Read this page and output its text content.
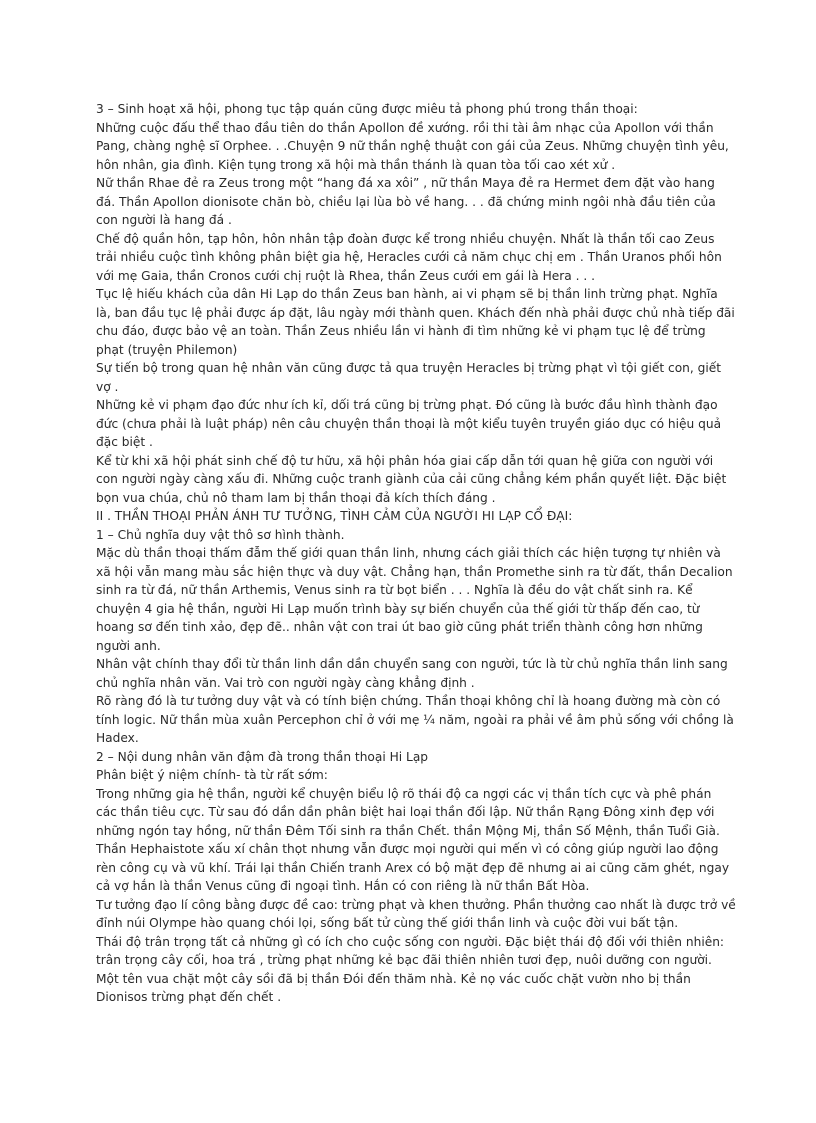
3 – Sinh hoạt xã hội, phong tục tập quán cũng được miêu tả phong phú trong thần thoại:

Những cuộc đấu thể thao đầu tiên do thần Apollon đề xướng. rồi thi tài âm nhạc của Apollon với thần Pang, chàng nghệ sĩ Orphee. . .Chuyện 9 nữ thần nghệ thuật con gái của Zeus. Những chuyện tình yêu, hôn nhân, gia đình. Kiện tụng trong xã hội mà thần thánh là quan tòa tối cao xét xử .

Nữ thần Rhae đẻ ra Zeus trong một “hang đá xa xôi” , nữ thần Maya đẻ ra Hermet đem đặt vào hang đá. Thần Apollon dionisote chăn bò, chiều lại lùa bò về hang. . . đã chứng minh ngôi nhà đầu tiên của con người là hang đá .

Chế độ quần hôn, tạp hôn, hôn nhân tập đoàn được kể trong nhiều chuyện. Nhất là thần tối cao Zeus trải nhiều cuộc tình không phân biệt gia hệ, Heracles cưới cả năm chục chị em . Thần Uranos phối hôn với mẹ Gaia, thần Cronos cưới chị ruột là Rhea, thần Zeus cưới em gái là Hera . . .

Tục lệ hiếu khách của dân Hi Lạp do thần Zeus ban hành, ai vi phạm sẽ bị thần linh trừng phạt. Nghĩa là, ban đầu tục lệ phải được áp đặt, lâu ngày mới thành quen. Khách đến nhà phải được chủ nhà tiếp đãi chu đáo, được bảo vệ an toàn. Thần Zeus nhiều lần vi hành đi tìm những kẻ vi phạm tục lệ để trừng phạt (truyện Philemon)

Sự tiến bộ trong quan hệ nhân văn cũng được tả qua truyện Heracles bị trừng phạt vì tội giết con, giết vợ .

Những kẻ vi phạm đạo đức như ích kỉ, dối trá cũng bị trừng phạt. Đó cũng là bước đầu hình thành đạo đức (chưa phải là luật pháp) nên câu chuyện thần thoại là một kiểu tuyên truyền giáo dục có hiệu quả đặc biệt .

Kể từ khi xã hội phát sinh chế độ tư hữu, xã hội phân hóa giai cấp dẫn tới quan hệ giữa con người với con người ngày càng xấu đi. Những cuộc tranh giành của cải cũng chẳng kém phần quyết liệt. Đặc biệt bọn vua chúa, chủ nô tham lam bị thần thoại đả kích thích đáng .

II . THẦN THOẠI PHẢN ÁNH TƯ TƯỞNG, TÌNH CẢM CỦA NGƯỜI HI LẠP CỔ ĐẠI:

1 – Chủ nghĩa duy vật thô sơ hình thành.

Mặc dù thần thoại thấm đẫm thế giới quan thần linh, nhưng cách giải thích các hiện tượng tự nhiên và xã hội vẫn mang màu sắc hiện thực và duy vật. Chẳng hạn, thần Promethe sinh ra từ đất, thần Decalion sinh ra từ đá, nữ thần Arthemis, Venus sinh ra từ bọt biển . . . Nghĩa là đều do vật chất sinh ra. Kể chuyện 4 gia hệ thần, người Hi Lạp muốn trình bày sự biến chuyển của thế giới từ thấp đến cao, từ hoang sơ đến tinh xảo, đẹp đẽ.. nhân vật con trai út bao giờ cũng phát triển thành công hơn những người anh.

Nhân vật chính thay đổi từ thần linh dần dần chuyển sang con người, tức là từ chủ nghĩa thần linh sang chủ nghĩa nhân văn. Vai trò con người ngày càng khẳng định .

Rõ ràng đó là tư tưởng duy vật và có tính biện chứng. Thần thoại không chỉ là hoang đường mà còn có tính logic. Nữ thần mùa xuân Percephon chỉ ở với mẹ ¼ năm, ngoài ra phải về âm phủ sống với chồng là Hadex.

2 – Nội dung nhân văn đậm đà trong thần thoại Hi Lạp

Phân biệt ý niệm chính- tà từ rất sớm:

Trong những gia hệ thần, người kể chuyện biểu lộ rõ thái độ ca ngợi các vị thần tích cực và phê phán các thần tiêu cực. Từ sau đó dần dần phân biệt hai loại thần đối lập. Nữ thần Rạng Đông xinh đẹp với những ngón tay hồng, nữ thần Đêm Tối sinh ra thần Chết. thần Mộng Mị, thần Số Mệnh, thần Tuổi Già. Thần Hephaistote xấu xí chân thọt nhưng vẫn được mọi người qui mến vì có công giúp người lao động rèn công cụ và vũ khí. Trái lại thần Chiến tranh Arex có bộ mặt đẹp đẽ nhưng ai ai cũng căm ghét, ngay cả vợ hắn là thần Venus cũng đi ngoại tình. Hắn có con riêng là nữ thần Bất Hòa.

Tư tưởng đạo lí công bằng được đề cao: trừng phạt và khen thưởng. Phần thưởng cao nhất là được trở về đỉnh núi Olympe hào quang chói lọi, sống bất tử cùng thế giới thần linh và cuộc đời vui bất tận.

Thái độ trân trọng tất cả những gì có ích cho cuộc sống con người. Đặc biệt thái độ đối với thiên nhiên: trân trọng cây cối, hoa trá , trừng phạt những kẻ bạc đãi thiên nhiên tươi đẹp, nuôi dưỡng con người. Một tên vua chặt một cây sồi đã bị thần Đói đến thăm nhà. Kẻ nọ vác cuốc chặt vườn nho bị thần Dionisos trừng phạt đến chết .
